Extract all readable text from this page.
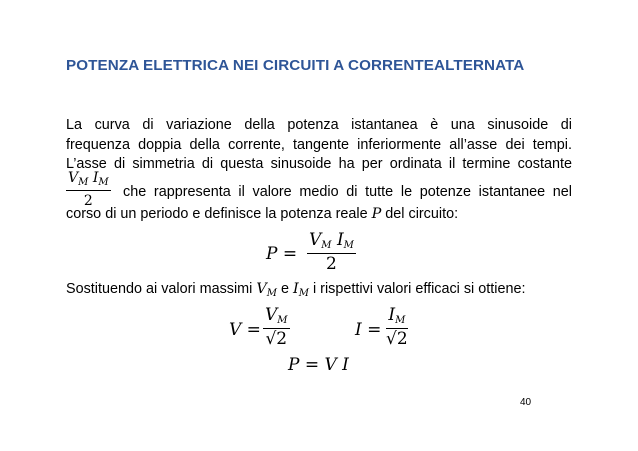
POTENZA ELETTRICA NEI CIRCUITI A CORRENTEALTERNATA
La curva di variazione della potenza istantanea è una sinusoide di
frequenza doppia della corrente, tangente inferiormente all’asse dei tempi.
L’asse di simmetria di questa sinusoide ha per ordinata il termine costante
$\frac{V_M I_M}{2}$ che rappresenta il valore medio di tutte le potenze istantanee nel
corso di un periodo e definisce la potenza reale P del circuito:
$P = \frac{\text{VM IM}}{2}$
Sostituendo ai valori massimi $V_M$ e $I_M$ i rispettivi valori efficaci si ottiene:
$V = \frac{VM}{√2}$	$I = \frac{IM}{√2}$
P = V I
40
